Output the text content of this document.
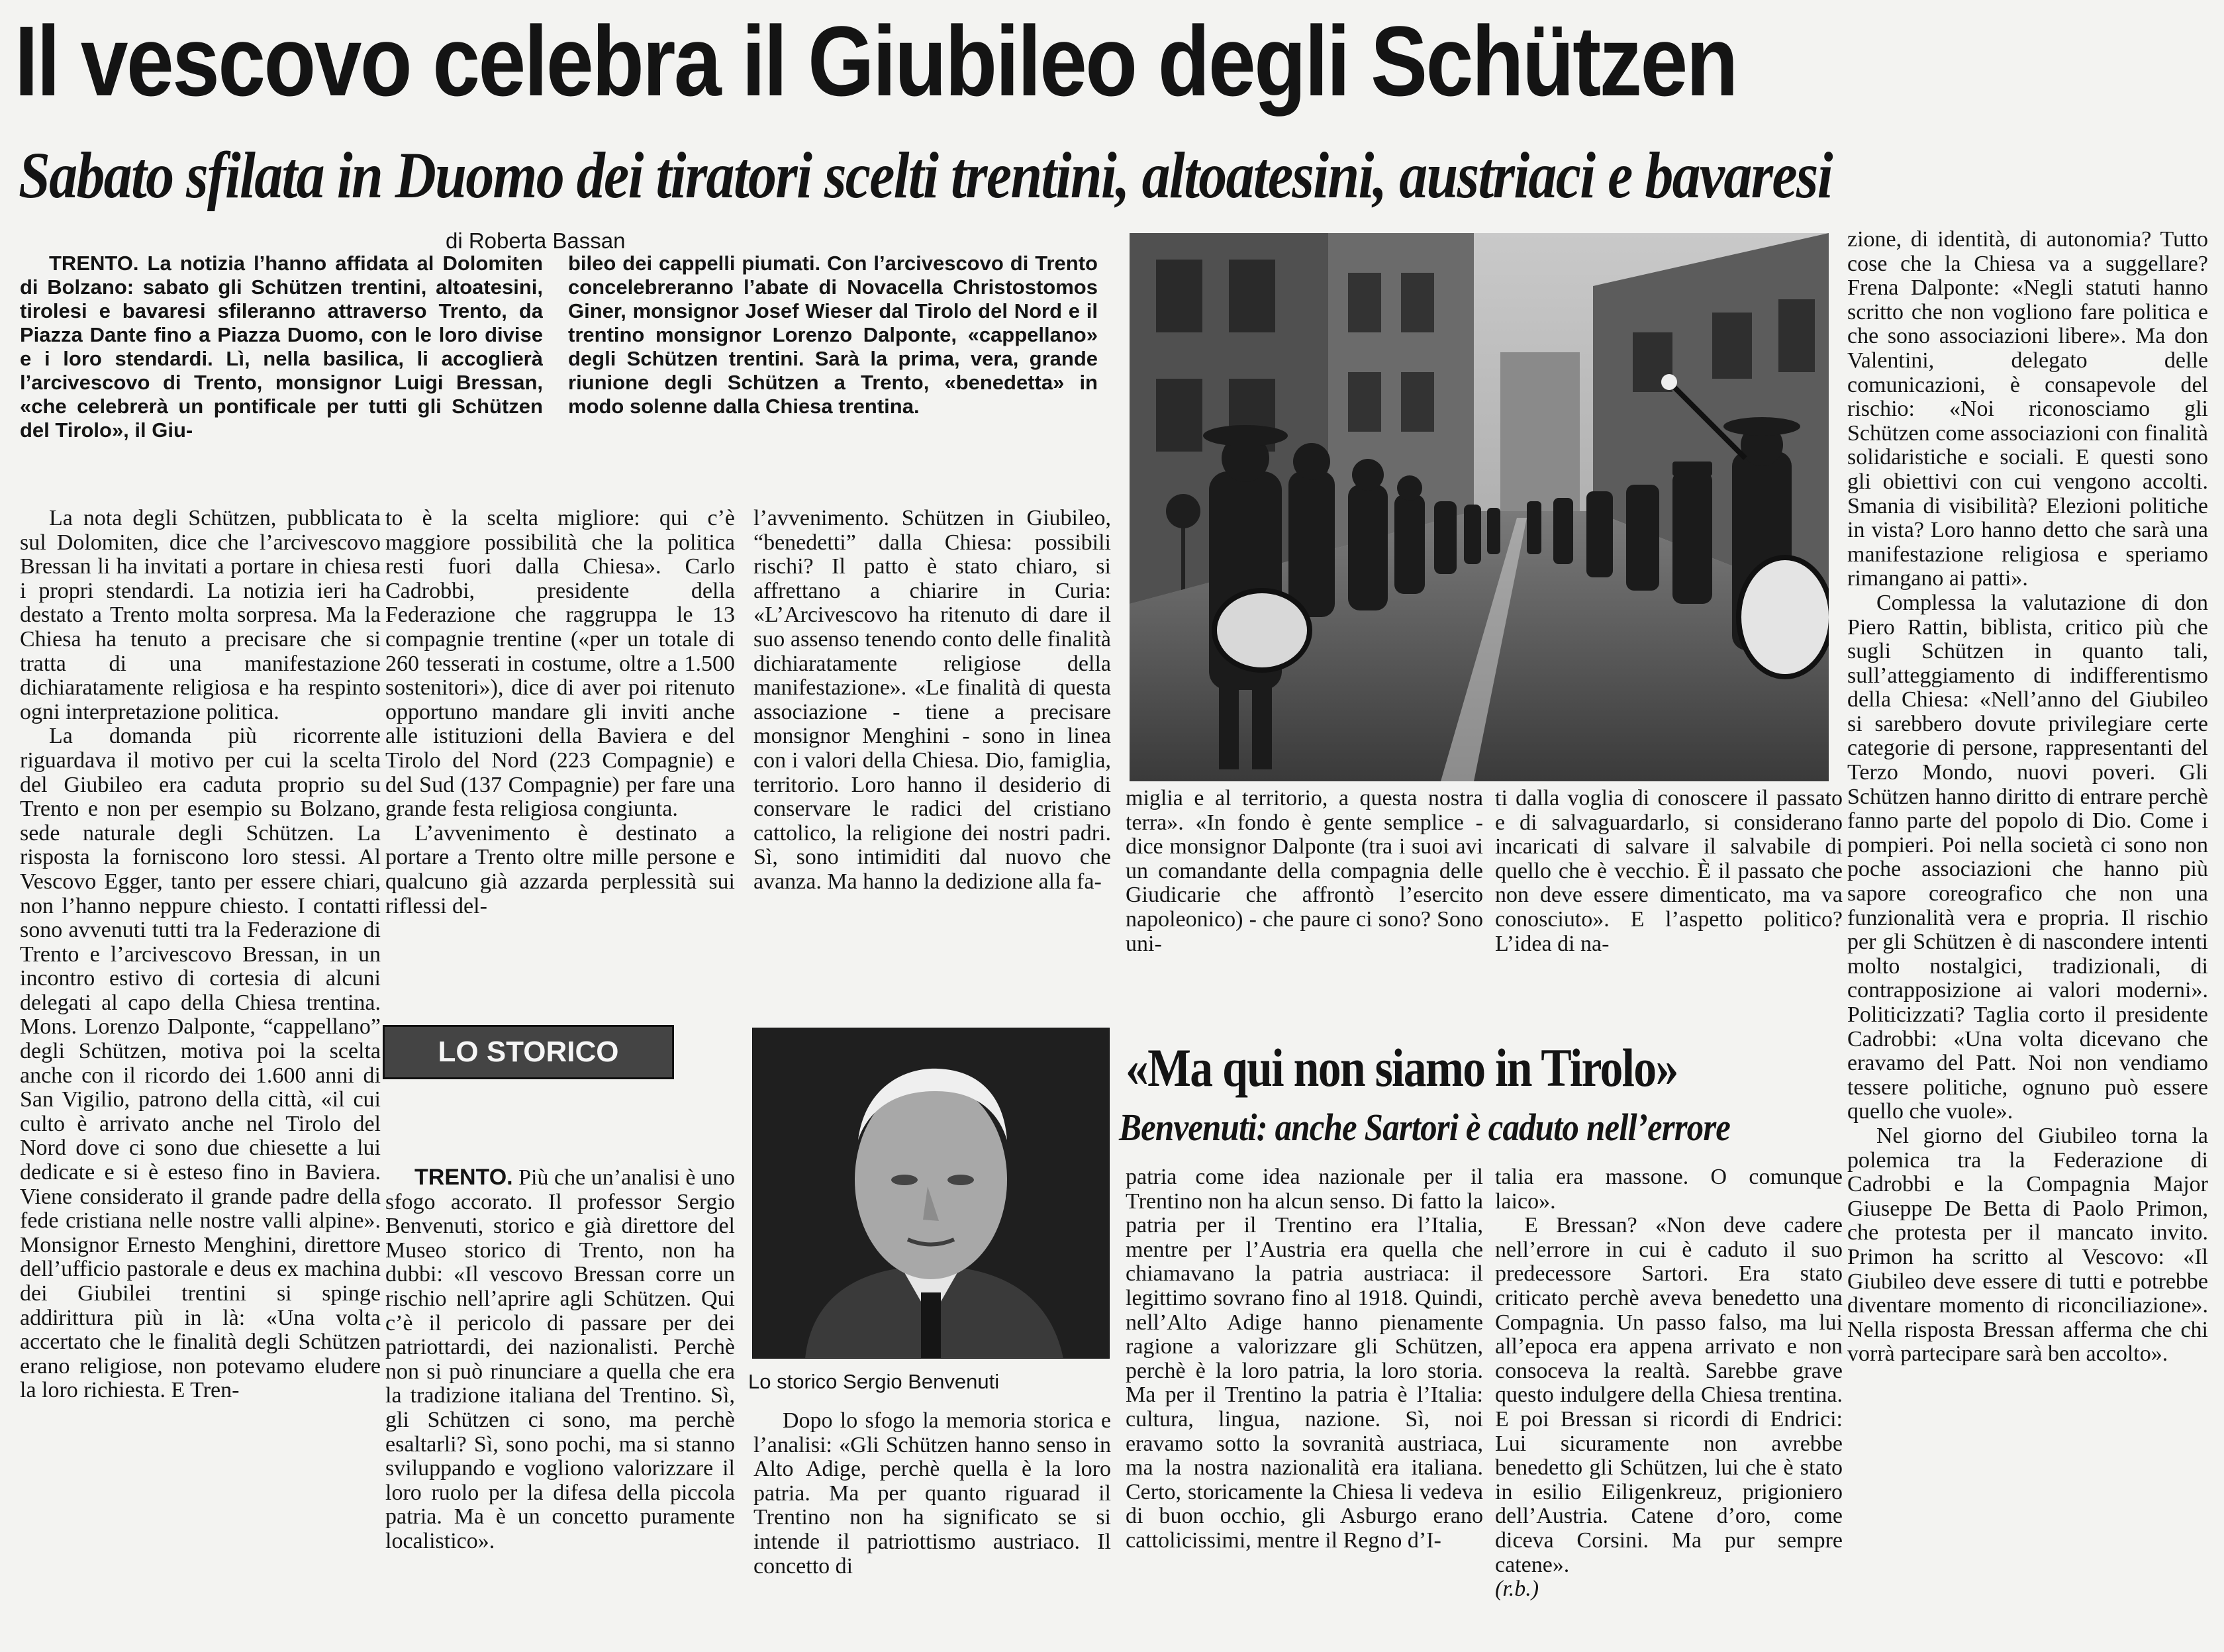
Il vescovo celebra il Giubileo degli Schützen
Sabato sfilata in Duomo dei tiratori scelti trentini, altoatesini, austriaci e bavaresi
di Roberta Bassan

TRENTO. La notizia l’hanno affidata al Dolomiten di Bolzano: sabato gli Schützen trentini, altoatesini, tirolesi e bavaresi sfileranno attraverso Trento, da Piazza Dante fino a Piazza Duomo, con le loro divise e i loro stendardi. Lì, nella basilica, li accoglierà l’arcivescovo di Trento, monsignor Luigi Bressan, «che celebrerà un pontificale per tutti gli Schützen del Tirolo», il Giu-

bileo dei cappelli piumati. Con l’arcivescovo di Trento concelebreranno l’abate di Novacella Christostomos Giner, monsignor Josef Wieser dal Tirolo del Nord e il trentino monsignor Lorenzo Dalponte, «cappellano» degli Schützen trentini. Sarà la prima, vera, grande riunione degli Schützen a Trento, «benedetta» in modo solenne dalla Chiesa trentina.

La nota degli Schützen, pubblicata sul Dolomiten, dice che l’arcivescovo Bressan li ha invitati a portare in chiesa i propri stendardi. La notizia ieri ha destato a Trento molta sorpresa. Ma la Chiesa ha tenuto a precisare che si tratta di una manifestazione dichiaratamente religiosa e ha respinto ogni interpretazione politica.

La domanda più ricorrente riguardava il motivo per cui la scelta del Giubileo era caduta proprio su Trento e non per esempio su Bolzano, sede naturale degli Schützen. La risposta la forniscono loro stessi. Al Vescovo Egger, tanto per essere chiari, non l’hanno neppure chiesto. I contatti sono avvenuti tutti tra la Federazione di Trento e l’arcivescovo Bressan, in un incontro estivo di cortesia di alcuni delegati al capo della Chiesa trentina. Mons. Lorenzo Dalponte, “cappellano” degli Schützen, motiva poi la scelta anche con il ricordo dei 1.600 anni di San Vigilio, patrono della città, «il cui culto è arrivato anche nel Tirolo del Nord dove ci sono due chiesette a lui dedicate e si è esteso fino in Baviera. Viene considerato il grande padre della fede cristiana nelle nostre valli alpine». Monsignor Ernesto Menghini, direttore dell’ufficio pastorale e deus ex machina dei Giubilei trentini si spinge addirittura più in là: «Una volta accertato che le finalità degli Schützen erano religiose, non potevamo eludere la loro richiesta. E Tren-

to è la scelta migliore: qui c’è maggiore possibilità che la politica resti fuori dalla Chiesa». Carlo Cadrobbi, presidente della Federazione che raggruppa le 13 compagnie trentine («per un totale di 260 tesserati in costume, oltre a 1.500 sostenitori»), dice di aver poi ritenuto opportuno mandare gli inviti anche alle istituzioni della Baviera e del Tirolo del Nord (223 Compagnie) e del Sud (137 Compagnie) per fare una grande festa religiosa congiunta.

L’avvenimento è destinato a portare a Trento oltre mille persone e qualcuno già azzarda perplessità sui riflessi del-

l’avvenimento. Schützen in Giubileo, “benedetti” dalla Chiesa: possibili rischi? Il patto è stato chiaro, si affrettano a chiarire in Curia: «L’Arcivescovo ha ritenuto di dare il suo assenso tenendo conto delle finalità dichiaratamente religiose della manifestazione». «Le finalità di questa associazione - tiene a precisare monsignor Menghini - sono in linea con i valori della Chiesa. Dio, famiglia, territorio. Loro hanno il desiderio di conservare le radici del cristiano cattolico, la religione dei nostri padri. Sì, sono intimiditi dal nuovo che avanza. Ma hanno la dedizione alla fa-

miglia e al territorio, a questa nostra terra». «In fondo è gente semplice - dice monsignor Dalponte (tra i suoi avi un comandante della compagnia delle Giudicarie che affrontò l’esercito napoleonico) - che paure ci sono? Sono uni-

ti dalla voglia di conoscere il passato e di salvaguardarlo, si considerano incaricati di salvare il salvabile di quello che è vecchio. È il passato che non deve essere dimenticato, ma va conosciuto». E l’aspetto politico? L’idea di na-

zione, di identità, di autonomia? Tutto cose che la Chiesa va a suggellare? Frena Dalponte: «Negli statuti hanno scritto che non vogliono fare politica e che sono associazioni libere». Ma don Valentini, delegato delle comunicazioni, è consapevole del rischio: «Noi riconosciamo gli Schützen come associazioni con finalità solidaristiche e sociali. E questi sono gli obiettivi con cui vengono accolti. Smania di visibilità? Elezioni politiche in vista? Loro hanno detto che sarà una manifestazione religiosa e speriamo rimangano ai patti».

Complessa la valutazione di don Piero Rattin, biblista, critico più che sugli Schützen in quanto tali, sull’atteggiamento di indifferentismo della Chiesa: «Nell’anno del Giubileo si sarebbero dovute privilegiare certe categorie di persone, rappresentanti del Terzo Mondo, nuovi poveri. Gli Schützen hanno diritto di entrare perchè fanno parte del popolo di Dio. Come i pompieri. Poi nella società ci sono non poche associazioni che hanno più sapore coreografico che non una funzionalità vera e propria. Il rischio per gli Schützen è di nascondere intenti molto nostalgici, tradizionali, di contrapposizione ai valori moderni». Politicizzati? Taglia corto il presidente Cadrobbi: «Una volta dicevano che eravamo del Patt. Noi non vendiamo tessere politiche, ognuno può essere quello che vuole».

Nel giorno del Giubileo torna la polemica tra la Federazione di Cadrobbi e la Compagnia Major Giuseppe De Betta di Paolo Primon, che protesta per il mancato invito. Primon ha scritto al Vescovo: «Il Giubileo deve essere di tutti e potrebbe diventare momento di riconciliazione». Nella risposta Bressan afferma che chi vorrà partecipare sarà ben accolto».

LO STORICO

TRENTO. Più che un’analisi è uno sfogo accorato. Il professor Sergio Benvenuti, storico e già direttore del Museo storico di Trento, non ha dubbi: «Il vescovo Bressan corre un rischio nell’aprire agli Schützen. Qui c’è il pericolo di passare per dei patriottardi, dei nazionalisti. Perchè non si può rinunciare a quella che era la tradizione italiana del Trentino. Sì, gli Schützen ci sono, ma perchè esaltarli? Sì, sono pochi, ma si stanno sviluppando e vogliono valorizzare il loro ruolo per la difesa della piccola patria. Ma è un concetto puramente localistico».

Lo storico Sergio Benvenuti
«Ma qui non siamo in Tirolo»
Benvenuti: anche Sartori è caduto nell’errore

Dopo lo sfogo la memoria storica e l’analisi: «Gli Schützen hanno senso in Alto Adige, perchè quella è la loro patria. Ma per quanto riguarad il Trentino non ha significato se si intende il patriottismo austriaco. Il concetto di

patria come idea nazionale per il Trentino non ha alcun senso. Di fatto la patria per il Trentino era l’Italia, mentre per l’Austria era quella che chiamavano la patria austriaca: il legittimo sovrano fino al 1918. Quindi, nell’Alto Adige hanno pienamente ragione a valorizzare gli Schützen, perchè è la loro patria, la loro storia. Ma per il Trentino la patria è l’Italia: cultura, lingua, nazione. Sì, noi eravamo sotto la sovranità austriaca, ma la nostra nazionalità era italiana. Certo, storicamente la Chiesa li vedeva di buon occhio, gli Asburgo erano cattolicissimi, mentre il Regno d’I-

talia era massone. O comunque laico».

E Bressan? «Non deve cadere nell’errore in cui è caduto il suo predecessore Sartori. Era stato criticato perchè aveva benedetto una Compagnia. Un passo falso, ma lui all’epoca era appena arrivato e non consoceva la realtà. Sarebbe grave questo indulgere della Chiesa trentina. E poi Bressan si ricordi di Endrici: Lui sicuramente non avrebbe benedetto gli Schützen, lui che è stato in esilio Eiligenkreuz, prigioniero dell’Austria. Catene d’oro, come diceva Corsini. Ma pur sempre catene».

(r.b.)
